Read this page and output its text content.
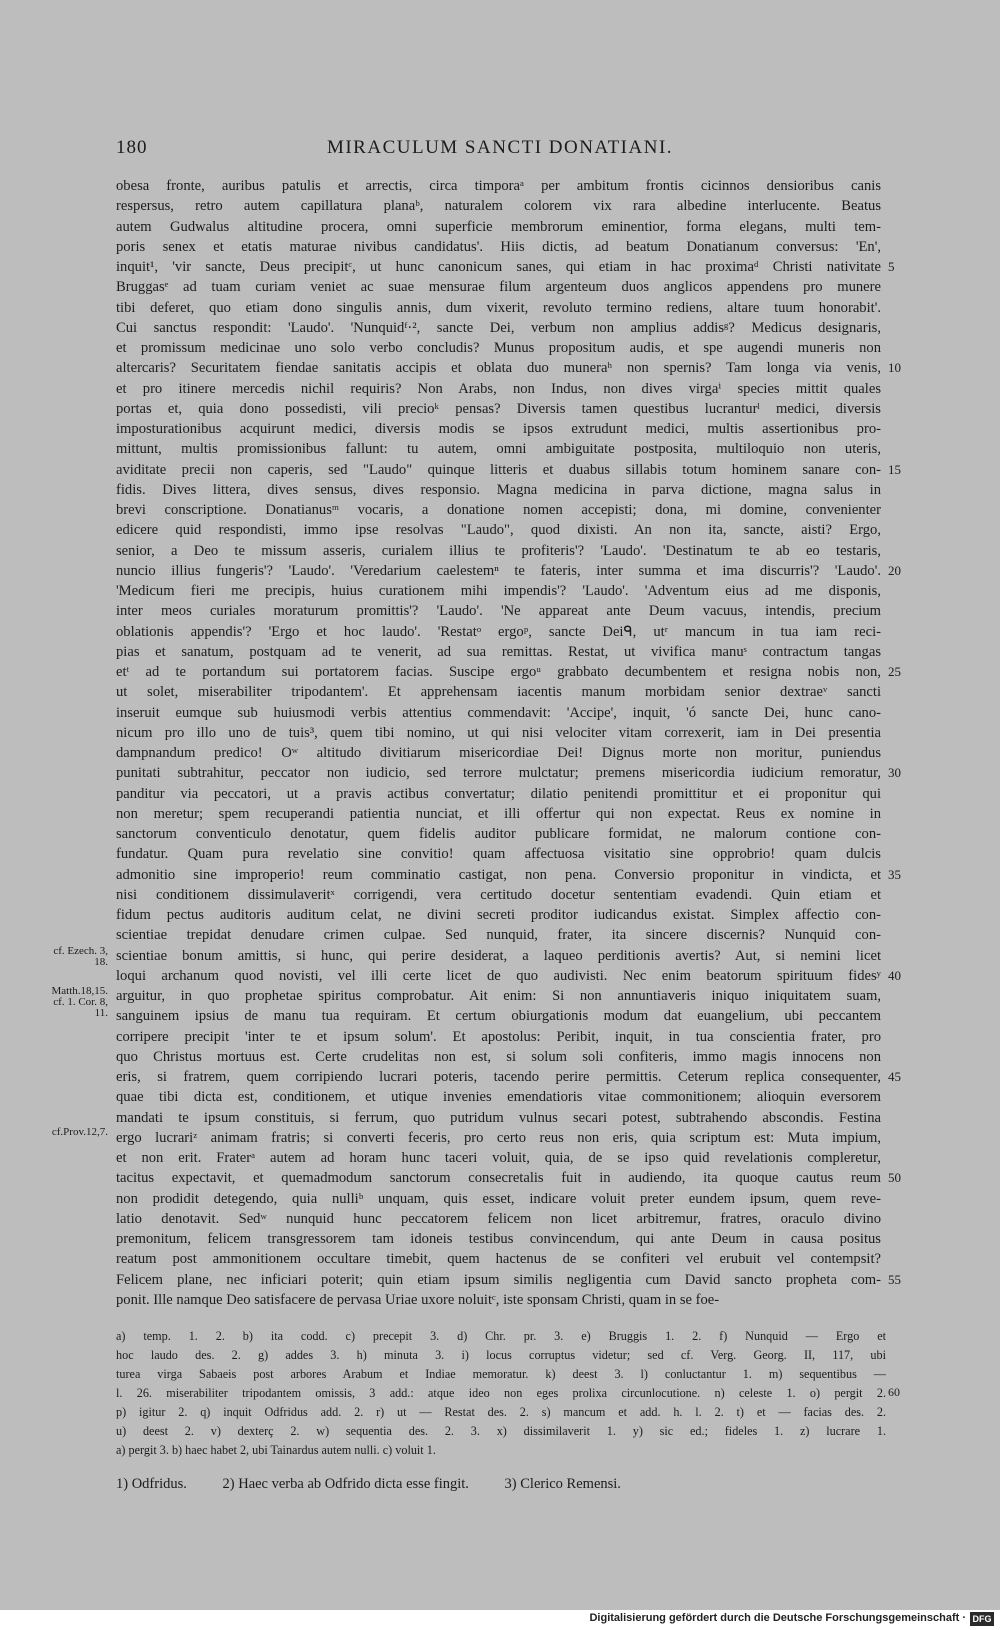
180	MIRACULUM SANCTI DONATIANI.
obesa fronte, auribus patulis et arrectis, circa timporaᵃ per ambitum frontis cicinnos densioribus canis
respersus, retro autem capillatura planaᵇ, naturalem colorem vix rara albedine interlucente. Beatus
autem Gudwalus altitudine procera, omni superficie membrorum eminentior, forma elegans, multi tem-
poris senex et etatis maturae nivibus candidatus'. Hiis dictis, ad beatum Donatianum conversus: 'En',
inquit¹, 'vir sancte, Deus precipitᶜ, ut hunc canonicum sanes, qui etiam in hac proximaᵈ Christi nativitate
Bruggasᵉ ad tuam curiam veniet ac suae mensurae filum argenteum duos anglicos appendens pro munere
tibi deferet, quo etiam dono singulis annis, dum vixerit, revoluto termino rediens, altare tuum honorabit'.
Cui sanctus respondit: 'Laudo'. 'Nunquidᶠ·², sancte Dei, verbum non amplius addisᵍ? Medicus designaris,
et promissum medicinae uno solo verbo concludis? Munus propositum audis, et spe augendi muneris non
altercaris? Securitatem fiendae sanitatis accipis et oblata duo muneraʰ non spernis? Tam longa via venis,
et pro itinere mercedis nichil requiris? Non Arabs, non Indus, non dives virgaⁱ species mittit quales
portas et, quia dono possedisti, vili precioᵏ pensas? Diversis tamen questibus lucranturˡ medici, diversis
imposturationibus acquirunt medici, diversis modis se ipsos extrudunt medici, multis assertionibus pro-
mittunt, multis promissionibus fallunt: tu autem, omni ambiguitate postposita, multiloquio non uteris,
aviditate precii non caperis, sed "Laudo" quinque litteris et duabus sillabis totum hominem sanare con-
fidis. Dives littera, dives sensus, dives responsio. Magna medicina in parva dictione, magna salus in
brevi conscriptione. Donatianusᵐ vocaris, a donatione nomen accepisti; dona, mi domine, convenienter
edicere quid respondisti, immo ipse resolvas "Laudo", quod dixisti. An non ita, sancte, aisti? Ergo,
senior, a Deo te missum asseris, curialem illius te profiteris'? 'Laudo'. 'Destinatum te ab eo testaris,
nuncio illius fungeris'? 'Laudo'. 'Veredarium caelestemⁿ te fateris, inter summa et ima discurris'? 'Laudo'.
'Medicum fieri me precipis, huius curationem mihi impendis'? 'Laudo'. 'Adventum eius ad me disponis,
inter meos curiales moraturum promittis'? 'Laudo'. 'Ne appareat ante Deum vacuus, intendis, precium
oblationis appendis'? 'Ergo et hoc laudo'. 'Restatᵒ ergoᵖ, sancte Deiᑫ, utʳ mancum in tua iam reci-
pias et sanatum, postquam ad te venerit, ad sua remittas. Restat, ut vivifica manuˢ contractum tangas
etᵗ ad te portandum sui portatorem facias. Suscipe ergoᵘ grabbato decumbentem et resigna nobis non,
ut solet, miserabiliter tripodantem'. Et apprehensam iacentis manum morbidam senior dextraeᵛ sancti
inseruit eumque sub huiusmodi verbis attentius commendavit: 'Accipe', inquit, 'ó sancte Dei, hunc cano-
nicum pro illo uno de tuis³, quem tibi nomino, ut qui nisi velociter vitam correxerit, iam in Dei presentia
dampnandum predico! Oʷ altitudo divitiarum misericordiae Dei! Dignus morte non moritur, puniendus
punitati subtrahitur, peccator non iudicio, sed terrore mulctatur; premens misericordia iudicium remoratur,
panditur via peccatori, ut a pravis actibus convertatur; dilatio penitendi promittitur et ei proponitur qui
non meretur; spem recuperandi patientia nunciat, et illi offertur qui non expectat. Reus ex nomine in
sanctorum conventiculo denotatur, quem fidelis auditor publicare formidat, ne malorum contione con-
fundatur. Quam pura revelatio sine convitio! quam affectuosa visitatio sine opprobrio! quam dulcis
admonitio sine improperio! reum comminatio castigat, non pena. Conversio proponitur in vindicta, et
nisi conditionem dissimulaveritˣ corrigendi, vera certitudo docetur sententiam evadendi. Quin etiam et
fidum pectus auditoris auditum celat, ne divini secreti proditor iudicandus existat. Simplex affectio con-
scientiae trepidat denudare crimen culpae. Sed nunquid, frater, ita sincere discernis? Nunquid con-
scientiae bonum amittis, si hunc, qui perire desiderat, a laqueo perditionis avertis? Aut, si nemini licet
loqui archanum quod novisti, vel illi certe licet de quo audivisti. Nec enim beatorum spirituum fidesʸ
arguitur, in quo prophetae spiritus comprobatur. Ait enim: Si non annuntiaveris iniquo iniquitatem suam,
sanguinem ipsius de manu tua requiram. Et certum obiurgationis modum dat euangelium, ubi peccantem
corripere precipit 'inter te et ipsum solum'. Et apostolus: Peribit, inquit, in tua conscientia frater, pro
quo Christus mortuus est. Certe crudelitas non est, si solum soli confiteris, immo magis innocens non
eris, si fratrem, quem corripiendo lucrari poteris, tacendo perire permittis. Ceterum replica consequenter,
quae tibi dicta est, conditionem, et utique invenies emendatioris vitae commonitionem; alioquin eversorem
mandati te ipsum constituis, si ferrum, quo putridum vulnus secari potest, subtrahendo abscondis. Festina
ergo lucrariᶻ animam fratris; si converti feceris, pro certo reus non eris, quia scriptum est: Muta impium,
et non erit. Fraterᵃ autem ad horam hunc taceri voluit, quia, de se ipso quid revelationis compleretur,
tacitus expectavit, et quemadmodum sanctorum consecretalis fuit in audiendo, ita quoque cautus reum
non prodidit detegendo, quia nulliᵇ unquam, quis esset, indicare voluit preter eundem ipsum, quem reve-
latio denotavit. Sedʷ nunquid hunc peccatorem felicem non licet arbitremur, fratres, oraculo divino
premonitum, felicem transgressorem tam idoneis testibus convincendum, qui ante Deum in causa positus
reatum post ammonitionem occultare timebit, quem hactenus de se confiteri vel erubuit vel contempsit?
Felicem plane, nec inficiari poterit; quin etiam ipsum similis negligentia cum David sancto propheta com-
ponit. Ille namque Deo satisfacere de pervasa Uriae uxore noluitᶜ, iste sponsam Christi, quam in se foe-
5
10
15
20
25
30
35
40
45
50
55
cf. Ezech. 3, 18.
Matth.18,15. cf. 1. Cor. 8, 11.
cf.Prov.12,7.
a) temp. 1. 2. b) ita codd. c) precepit 3. d) Chr. pr. 3. e) Bruggis 1. 2. f) Nunquid — Ergo et
hoc laudo des. 2. g) addes 3. h) minuta 3. i) locus corruptus videtur; sed cf. Verg. Georg. II, 117, ubi
turea virga Sabaeis post arbores Arabum et Indiae memoratur. k) deest 3. l) conluctantur 1. m) sequentibus —
l. 26. miserabiliter tripodantem omissis, 3 add.: atque ideo non eges prolixa circunlocutione. n) celeste 1. o) pergit 2.
p) igitur 2. q) inquit Odfridus add. 2. r) ut — Restat des. 2. s) mancum et add. h. l. 2. t) et — facias des. 2.
u) deest 2. v) dexterç 2. w) sequentia des. 2. 3. x) dissimilaverit 1. y) sic ed.; fideles 1. z) lucrare 1.
a) pergit 3. b) haec habet 2, ubi Tainardus autem nulli. c) voluit 1.
60
1) Odfridus. 2) Haec verba ab Odfrido dicta esse fingit. 3) Clerico Remensi.
Digitalisierung gefördert durch die Deutsche Forschungsgemeinschaft · DFG
